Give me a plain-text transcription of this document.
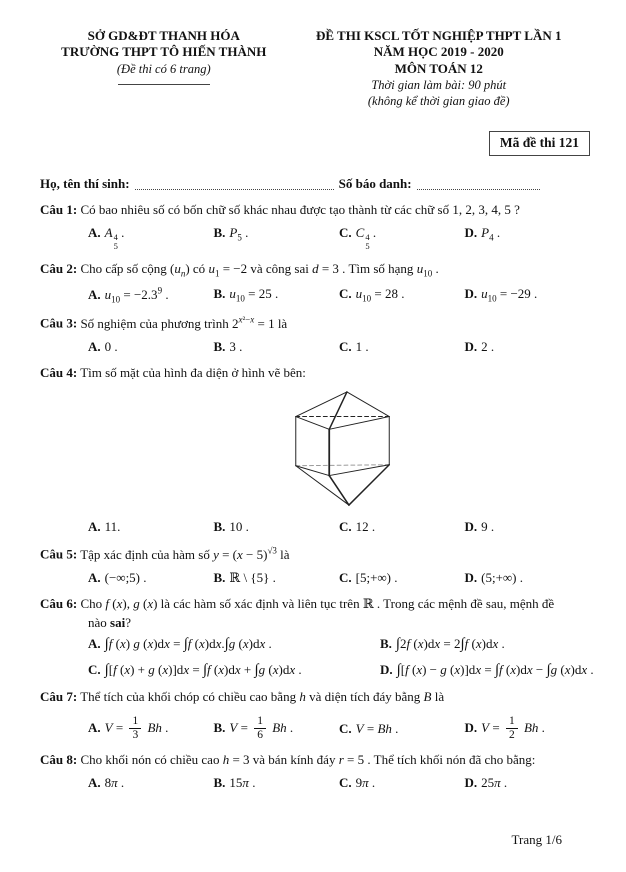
SỞ GD&ĐT THANH HÓA
TRƯỜNG THPT TÔ HIẾN THÀNH
(Đề thi có 6 trang)
ĐỀ THI KSCL TỐT NGHIỆP THPT LẦN 1
NĂM HỌC 2019 - 2020
MÔN TOÁN 12
Thời gian làm bài: 90 phút
(không kể thời gian giao đề)
Mã đề thi 121
Họ, tên thí sinh:	Số báo danh:
Câu 1: Có bao nhiêu số có bốn chữ số khác nhau được tạo thành từ các chữ số 1, 2, 3, 4, 5 ?
A. A 4
5
.	B. $P_5$ .	C. C 4
5
.	D. $P_4$ .
Câu 2: Cho cấp số cộng $(u_n)$ có $u_1 = -2$ và công sai d = 3 . Tìm số hạng $u_{10}$ .
A. $u_{10} = -2.3^9$ .	B. $u_{10} = 25$ .	C. $u_{10} = 28$ .	D. $u_{10} = -29$ .
Câu 3: Số nghiệm của phương trình $2^{x^2-x} = 1$ là
A. 0 .	B. 3 .	C. 1 .	D. 2 .
Câu 4: Tìm số mặt của hình đa diện ở hình vẽ bên:
A. 11.	B. 10 .	C. 12 .	D. 9 .
Câu 5: Tập xác định của hàm số $y = (x - 5)^{√3}$ là
A. (−∞;5) .	B. ℝ \ {5} .	C. [5;+∞) .	D. (5;+∞) .
Câu 6: Cho f (x), g (x) là các hàm số xác định và liên tục trên ℝ . Trong các mệnh đề sau, mệnh đề
nào sai?
A. ∫f (x) g (x)dx = ∫f (x)dx.∫g (x)dx .	B. ∫2f (x)dx = 2∫f (x)dx .
C. ∫[f (x) + g (x)]dx = ∫f (x)dx + ∫g (x)dx .	D. ∫[f (x) − g (x)]dx = ∫f (x)dx − ∫g (x)dx .
Câu 7: Thể tích của khối chóp có chiều cao bằng h và diện tích đáy bằng B là
A. $V = \frac{1}{3}$ Bh .	B. $V = \frac{1}{6}$ Bh .	C. V = Bh .	D. $V = \frac{1}{2}$ Bh .
Câu 8: Cho khối nón có chiều cao h = 3 và bán kính đáy r = 5 . Thể tích khối nón đã cho bằng:
A. 8π .	B. 15π .	C. 9π .	D. 25π .
Trang 1/6
